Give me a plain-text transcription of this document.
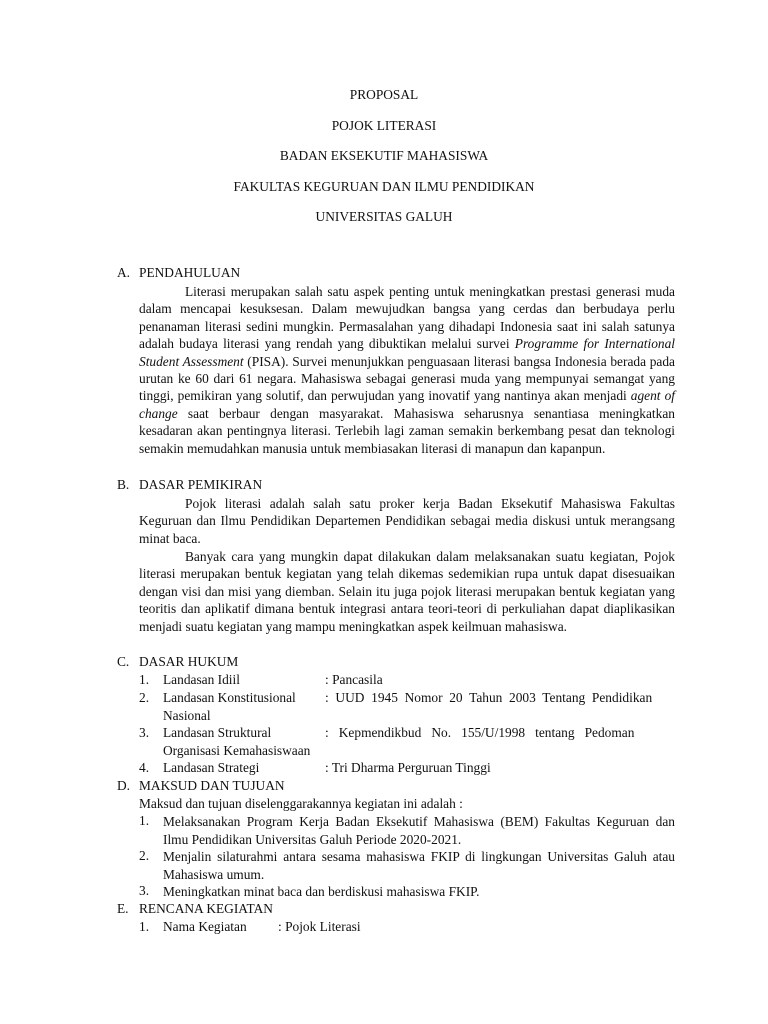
PROPOSAL
POJOK LITERASI
BADAN EKSEKUTIF MAHASISWA
FAKULTAS KEGURUAN DAN ILMU PENDIDIKAN
UNIVERSITAS GALUH
A. PENDAHULUAN
Literasi merupakan salah satu aspek penting untuk meningkatkan prestasi generasi muda dalam mencapai kesuksesan. Dalam mewujudkan bangsa yang cerdas dan berbudaya perlu penanaman literasi sedini mungkin. Permasalahan yang dihadapi Indonesia saat ini salah satunya adalah budaya literasi yang rendah yang dibuktikan melalui survei Programme for International Student Assessment (PISA). Survei menunjukkan penguasaan literasi bangsa Indonesia berada pada urutan ke 60 dari 61 negara. Mahasiswa sebagai generasi muda yang mempunyai semangat yang tinggi, pemikiran yang solutif, dan perwujudan yang inovatif yang nantinya akan menjadi agent of change saat berbaur dengan masyarakat. Mahasiswa seharusnya senantiasa meningkatkan kesadaran akan pentingnya literasi. Terlebih lagi zaman semakin berkembang pesat dan teknologi semakin memudahkan manusia untuk membiasakan literasi di manapun dan kapanpun.
B. DASAR PEMIKIRAN
Pojok literasi adalah salah satu proker kerja Badan Eksekutif Mahasiswa Fakultas Keguruan dan Ilmu Pendidikan Departemen Pendidikan sebagai media diskusi untuk merangsang minat baca.
Banyak cara yang mungkin dapat dilakukan dalam melaksanakan suatu kegiatan, Pojok literasi merupakan bentuk kegiatan yang telah dikemas sedemikian rupa untuk dapat disesuaikan dengan visi dan misi yang diemban. Selain itu juga pojok literasi merupakan bentuk kegiatan yang teoritis dan aplikatif dimana bentuk integrasi antara teori-teori di perkuliahan dapat diaplikasikan menjadi suatu kegiatan yang mampu meningkatkan aspek keilmuan mahasiswa.
C. DASAR HUKUM
1. Landasan Idiil	: Pancasila
2. Landasan Konstitusional :  UUD  1945  Nomor  20  Tahun  2003  Tentang  Pendidikan
Nasional
3. Landasan Struktural	:   Kepmendikbud   No.   155/U/1998   tentang   Pedoman
Organisasi Kemahasiswaan
4. Landasan Strategi	: Tri Dharma Perguruan Tinggi
D. MAKSUD DAN TUJUAN
Maksud dan tujuan diselenggarakannya kegiatan ini adalah :
1. Melaksanakan Program Kerja Badan Eksekutif Mahasiswa (BEM) Fakultas Keguruan dan Ilmu Pendidikan Universitas Galuh Periode 2020-2021.
2. Menjalin silaturahmi antara sesama mahasiswa FKIP di lingkungan Universitas Galuh atau Mahasiswa umum.
3. Meningkatkan minat baca dan berdiskusi mahasiswa FKIP.
E. RENCANA KEGIATAN
1. Nama Kegiatan : Pojok Literasi
